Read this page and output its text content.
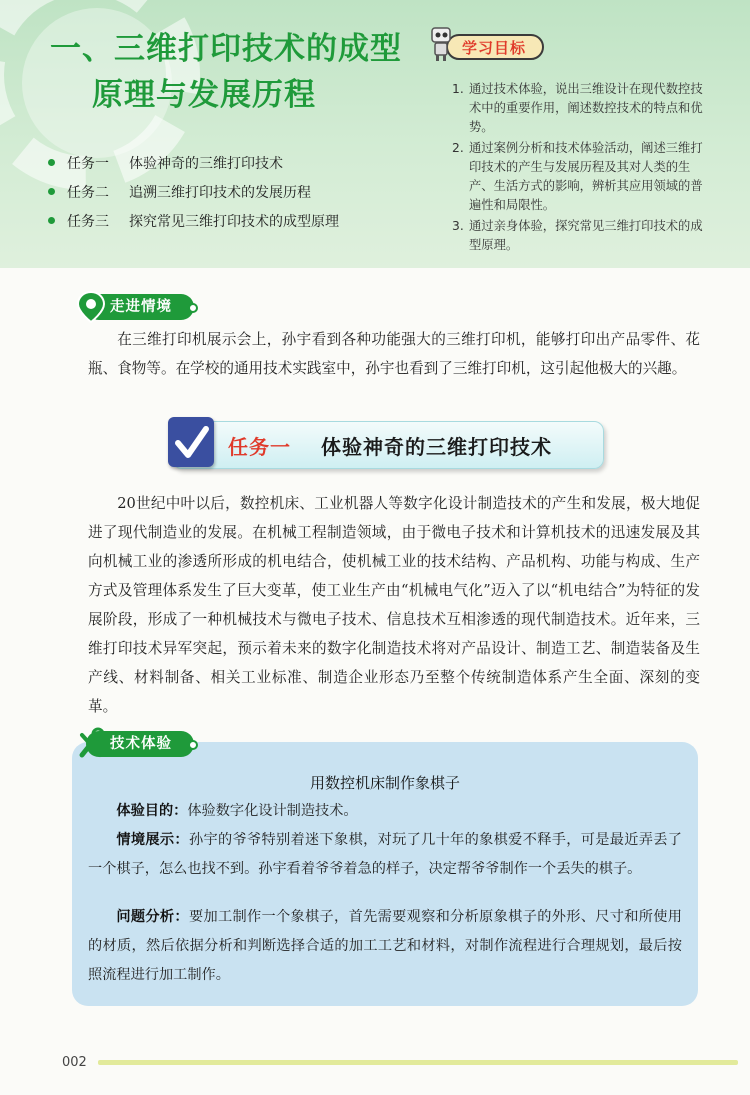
一、三维打印技术的成型
原理与发展历程
任务一	体验神奇的三维打印技术
任务二	追溯三维打印技术的发展历程
任务三	探究常见三维打印技术的成型原理
学习目标
1. 通过技术体验，说出三维设计在现代数控技术中的重要作用，阐述数控技术的特点和优势。
2. 通过案例分析和技术体验活动，阐述三维打印技术的产生与发展历程及其对人类的生产、生活方式的影响，辨析其应用领域的普遍性和局限性。
3. 通过亲身体验，探究常见三维打印技术的成型原理。
走进情境
在三维打印机展示会上，孙宇看到各种功能强大的三维打印机，能够打印出产品零件、花瓶、食物等。在学校的通用技术实践室中，孙宇也看到了三维打印机，这引起他极大的兴趣。
任务一 体验神奇的三维打印技术
20世纪中叶以后，数控机床、工业机器人等数字化设计制造技术的产生和发展，极大地促进了现代制造业的发展。在机械工程制造领域，由于微电子技术和计算机技术的迅速发展及其向机械工业的渗透所形成的机电结合，使机械工业的技术结构、产品机构、功能与构成、生产方式及管理体系发生了巨大变革，使工业生产由“机械电气化”迈入了以“机电结合”为特征的发展阶段，形成了一种机械技术与微电子技术、信息技术互相渗透的现代制造技术。近年来，三维打印技术异军突起，预示着未来的数字化制造技术将对产品设计、制造工艺、制造装备及生产线、材料制备、相关工业标准、制造企业形态乃至整个传统制造体系产生全面、深刻的变革。
技术体验
用数控机床制作象棋子
体验目的：体验数字化设计制造技术。
情境展示：孙宇的爷爷特别着迷下象棋，对玩了几十年的象棋爱不释手，可是最近弄丢了一个棋子，怎么也找不到。孙宇看着爷爷着急的样子，决定帮爷爷制作一个丢失的棋子。
问题分析：要加工制作一个象棋子，首先需要观察和分析原象棋子的外形、尺寸和所使用的材质，然后依据分析和判断选择合适的加工工艺和材料，对制作流程进行合理规划，最后按照流程进行加工制作。
002
